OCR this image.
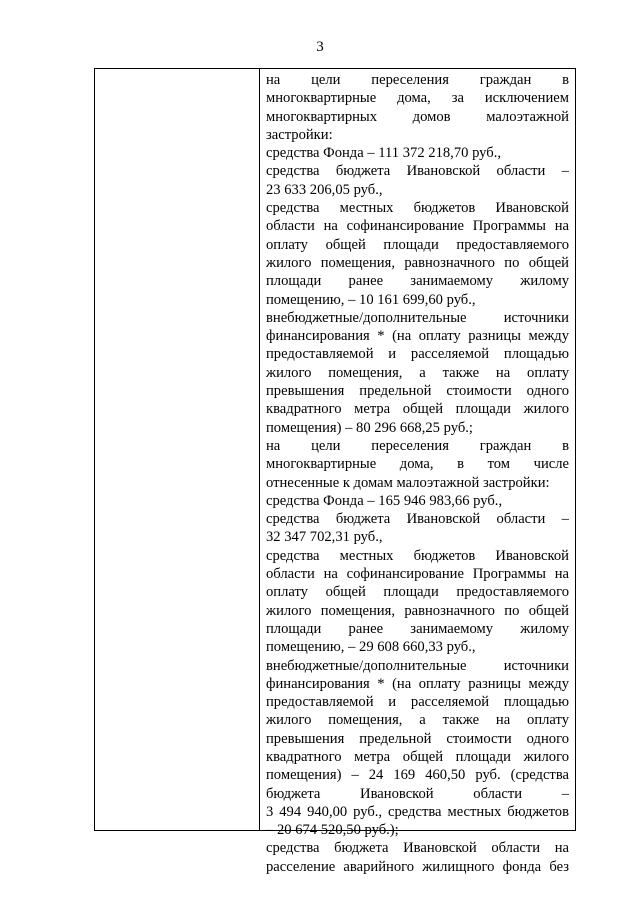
3
на цели переселения граждан в
многоквартирные дома, за исключением
многоквартирных домов малоэтажной
застройки:
средства Фонда – 111 372 218,70 руб.,
средства бюджета Ивановской области –
23 633 206,05 руб.,
средства местных бюджетов Ивановской
области на софинансирование Программы на
оплату общей площади предоставляемого
жилого помещения, равнозначного по общей
площади ранее занимаемому жилому
помещению, – 10 161 699,60 руб.,
внебюджетные/дополнительные источники
финансирования * (на оплату разницы между
предоставляемой и расселяемой площадью
жилого помещения, а также на оплату
превышения предельной стоимости одного
квадратного метра общей площади жилого
помещения) – 80 296 668,25 руб.;
на цели переселения граждан в
многоквартирные дома, в том числе
отнесенные к домам малоэтажной застройки:
средства Фонда – 165 946 983,66 руб.,
средства бюджета Ивановской области –
32 347 702,31 руб.,
средства местных бюджетов Ивановской
области на софинансирование Программы на
оплату общей площади предоставляемого
жилого помещения, равнозначного по общей
площади ранее занимаемому жилому
помещению, – 29 608 660,33 руб.,
внебюджетные/дополнительные источники
финансирования * (на оплату разницы между
предоставляемой и расселяемой площадью
жилого помещения, а также на оплату
превышения предельной стоимости одного
квадратного метра общей площади жилого
помещения) – 24 169 460,50 руб. (средства
бюджета Ивановской области –
3 494 940,00 руб., средства местных бюджетов
– 20 674 520,50 руб.);
средства бюджета Ивановской области на
расселение аварийного жилищного фонда без
